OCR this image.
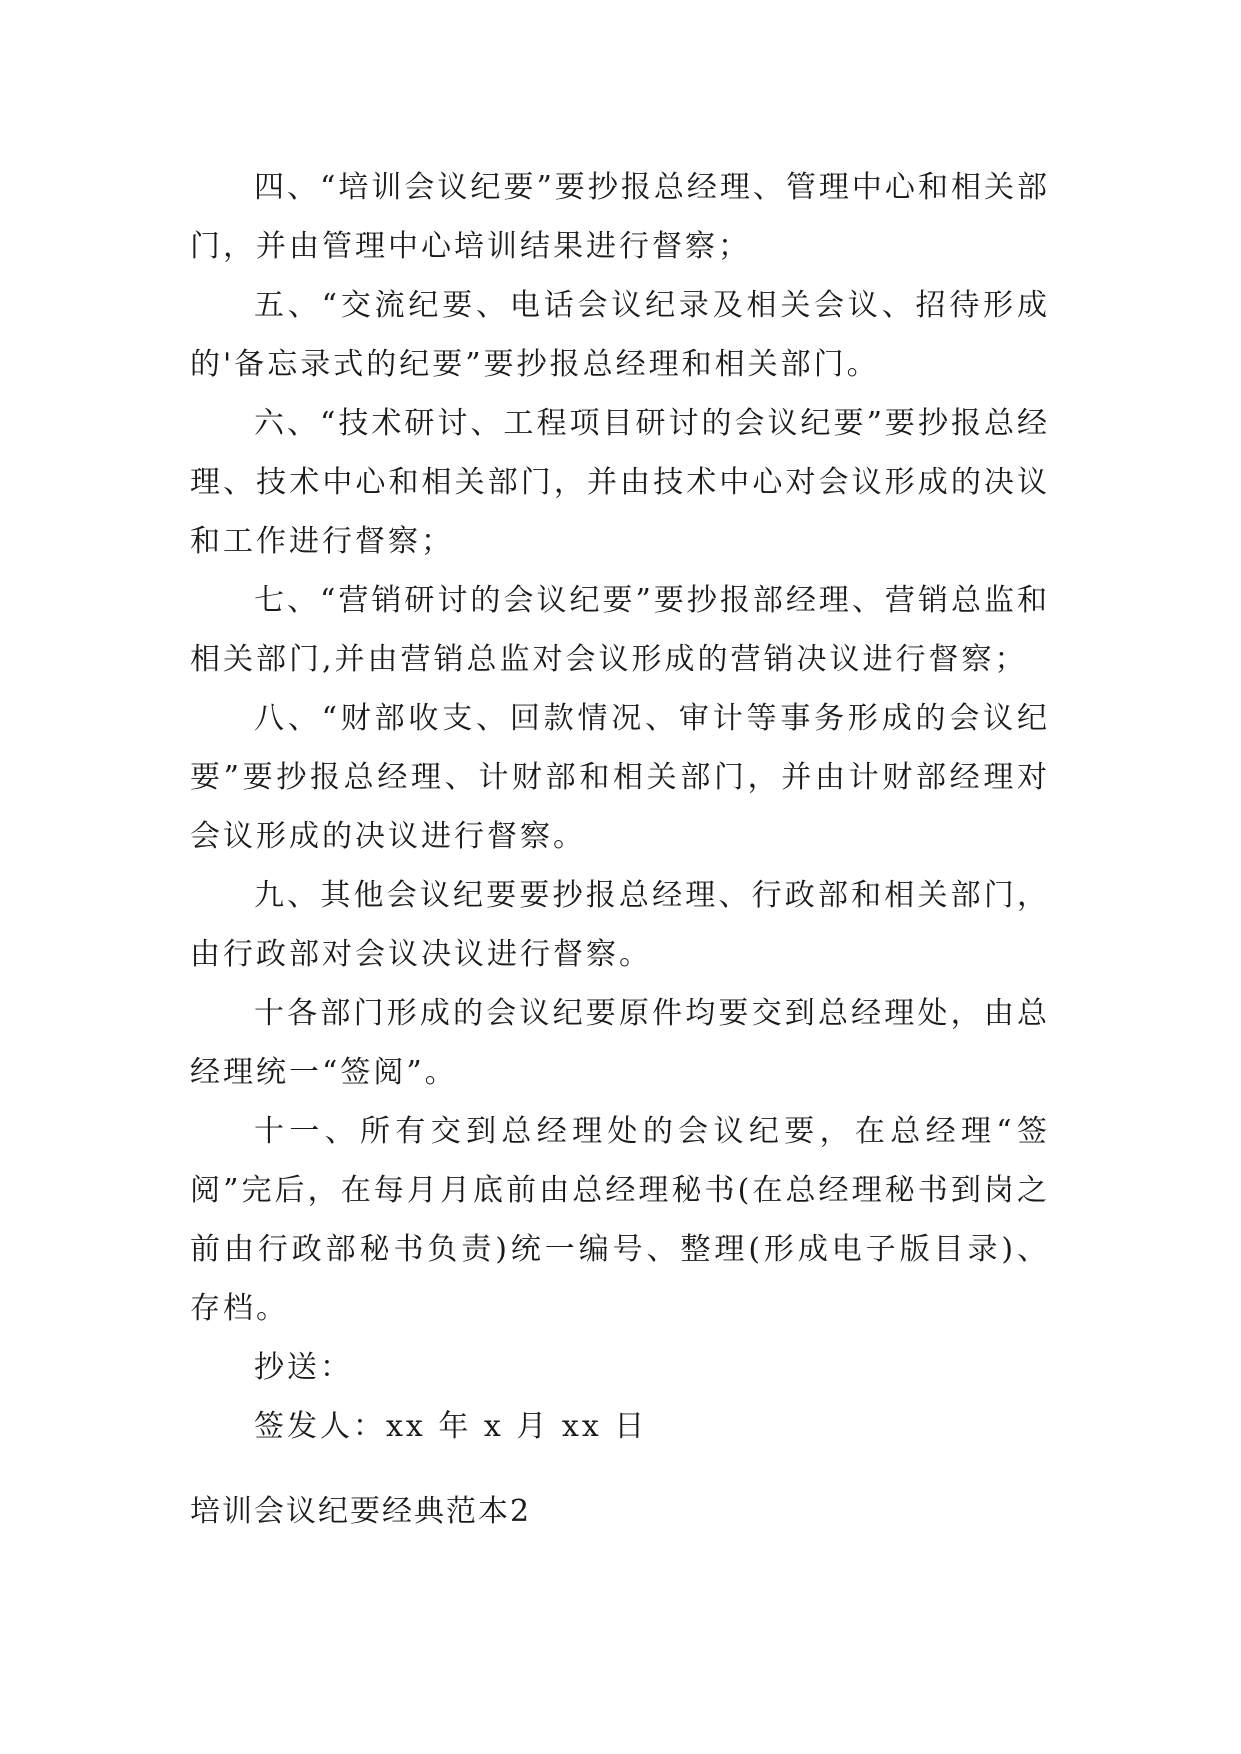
四、“培训会议纪要”要抄报总经理、管理中心和相关部门，并由管理中心培训结果进行督察；

五、“交流纪要、电话会议纪录及相关会议、招待形成的'备忘录式的纪要”要抄报总经理和相关部门。

六、“技术研讨、工程项目研讨的会议纪要”要抄报总经理、技术中心和相关部门，并由技术中心对会议形成的决议和工作进行督察；

七、“营销研讨的会议纪要”要抄报部经理、营销总监和相关部门,并由营销总监对会议形成的营销决议进行督察；

八、“财部收支、回款情况、审计等事务形成的会议纪要”要抄报总经理、计财部和相关部门，并由计财部经理对会议形成的决议进行督察。

九、其他会议纪要要抄报总经理、行政部和相关部门，由行政部对会议决议进行督察。

十各部门形成的会议纪要原件均要交到总经理处，由总经理统一“签阅”。

十一、所有交到总经理处的会议纪要，在总经理“签阅”完后，在每月月底前由总经理秘书(在总经理秘书到岗之前由行政部秘书负责)统一编号、整理(形成电子版目录)、存档。

抄送：

签发人：xx 年 x 月 xx 日

培训会议纪要经典范本2
